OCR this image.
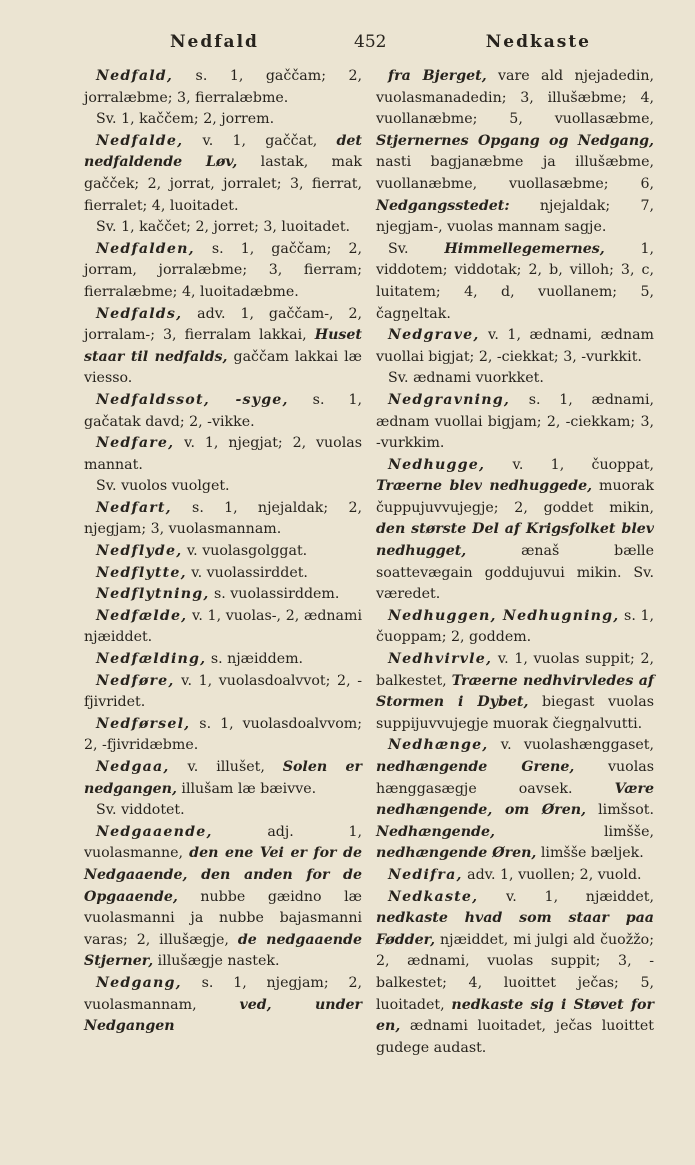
Nedfald	452	Nedkaste

Nedfald, s. 1, gaččam; 2, jorralæbme; 3, fierralæbme.

Sv. 1, kaččem; 2, jorrem.

Nedfalde, v. 1, gaččat, det nedfaldende Løv, lastak, mak gačček; 2, jorrat, jorralet; 3, fierrat, fierralet; 4, luoitadet.

Sv. 1, kaččet; 2, jorret; 3, luoitadet.

Nedfalden, s. 1, gaččam; 2, jorram, jorralæbme; 3, fierram; fierralæbme; 4, luoitadæbme.

Nedfalds, adv. 1, gaččam-, 2, jorralam-; 3, fierralam lakkai, Huset staar til nedfalds, gaččam lakkai læ viesso.

Nedfaldssot, -syge, s. 1, gačatak davd; 2, -vikke.

Nedfare, v. 1, njegjat; 2, vuolas mannat.

Sv. vuolos vuolget.

Nedfart, s. 1, njejaldak; 2, njegjam; 3, vuolasmannam.

Nedflyde, v. vuolasgolggat.

Nedflytte, v. vuolassirddet.

Nedflytning, s. vuolassirddem.

Nedfælde, v. 1, vuolas-, 2, ædnami njæiddet.

Nedfælding, s. njæiddem.

Nedføre, v. 1, vuolasdoalvvot; 2, -fjivridet.

Nedførsel, s. 1, vuolasdoalvvom; 2, -fjivridæbme.

Nedgaa, v. illušet, Solen er nedgangen, illušam læ bæivve.

Sv. viddotet.

Nedgaaende, adj. 1, vuolasmanne, den ene Vei er for de Nedgaaende, den anden for de Opgaaende, nubbe gæidno læ vuolasmanni ja nubbe bajasmanni varas; 2, illušægje, de nedgaaende Stjerner, illušægje nastek.

Nedgang, s. 1, njegjam; 2, vuolasmannam, ved, under Nedgangen

fra Bjerget, vare ald njejadedin, vuolasmanadedin; 3, illušæbme; 4, vuollanæbme; 5, vuollasæbme, Stjernernes Opgang og Nedgang, nasti bagjanæbme ja illušæbme, vuollanæbme, vuollasæbme; 6, Nedgangsstedet: njejaldak; 7, njegjam-, vuolas mannam sagje.

Sv. Himmellegemernes, 1, viddotem; viddotak; 2, b, villoh; 3, c, luitatem; 4, d, vuollanem; 5, čagŋeltak.

Nedgrave, v. 1, ædnami, ædnam vuollai bigjat; 2, -ciekkat; 3, -vurkkit.

Sv. ædnami vuorkket.

Nedgravning, s. 1, ædnami, ædnam vuollai bigjam; 2, -ciekkam; 3, -vurkkim.

Nedhugge, v. 1, čuoppat, Træerne blev nedhuggede, muorak čuppujuvvujegje; 2, goddet mikin, den største Del af Krigsfolket blev nedhugget, ænaš bælle soattevægain goddujuvui mikin. Sv. væredet.

Nedhuggen, Nedhugning, s. 1, čuoppam; 2, goddem.

Nedhvirvle, v. 1, vuolas suppit; 2, balkestet, Træerne nedhvirvledes af Stormen i Dybet, biegast vuolas suppijuvvujegje muorak čiegŋalvutti.

Nedhænge, v. vuolashænggaset, nedhængende Grene, vuolas hænggasægje oavsek. Være nedhængende, om Øren, limšsot. Nedhængende, limšše, nedhængende Øren, limšše bæljek.

Nedifra, adv. 1, vuollen; 2, vuold.

Nedkaste, v. 1, njæiddet, nedkaste hvad som staar paa Fødder, njæiddet, mi julgi ald čuožžo; 2, ædnami, vuolas suppit; 3, - balkestet; 4, luoittet ječas; 5, luoitadet, nedkaste sig i Støvet for en, ædnami luoitadet, ječas luoittet gudege audast.
